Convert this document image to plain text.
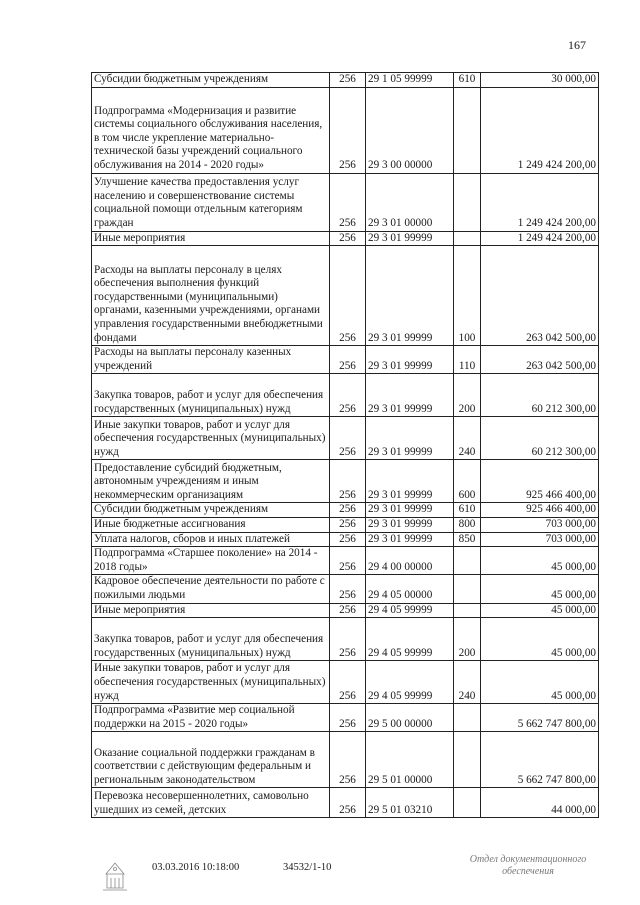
167
Субсидии бюджетным учреждениям	256	29 1 05 99999	610	30 000,00
Подпрограмма «Модернизация и развитие системы социального обслуживания населения, в том числе укрепление материально-технической базы учреждений социального обслуживания на 2014 - 2020 годы»	256	29 3 00 00000		1 249 424 200,00
Улучшение качества предоставления услуг населению и совершенствование системы социальной помощи отдельным категориям граждан	256	29 3 01 00000		1 249 424 200,00
Иные мероприятия	256	29 3 01 99999		1 249 424 200,00
Расходы на выплаты персоналу в целях обеспечения выполнения функций государственными (муниципальными) органами, казенными учреждениями, органами управления государственными внебюджетными фондами	256	29 3 01 99999	100	263 042 500,00
Расходы на выплаты персоналу казенных учреждений	256	29 3 01 99999	110	263 042 500,00
Закупка товаров, работ и услуг для обеспечения государственных (муниципальных) нужд	256	29 3 01 99999	200	60 212 300,00
Иные закупки товаров, работ и услуг для обеспечения государственных (муниципальных) нужд	256	29 3 01 99999	240	60 212 300,00
Предоставление субсидий бюджетным, автономным учреждениям и иным некоммерческим организациям	256	29 3 01 99999	600	925 466 400,00
Субсидии бюджетным учреждениям	256	29 3 01 99999	610	925 466 400,00
Иные бюджетные ассигнования	256	29 3 01 99999	800	703 000,00
Уплата налогов, сборов и иных платежей	256	29 3 01 99999	850	703 000,00
Подпрограмма «Старшее поколение» на 2014 - 2018 годы»	256	29 4 00 00000		45 000,00
Кадровое обеспечение деятельности по работе с пожилыми людьми	256	29 4 05 00000		45 000,00
Иные мероприятия	256	29 4 05 99999		45 000,00
Закупка товаров, работ и услуг для обеспечения государственных (муниципальных) нужд	256	29 4 05 99999	200	45 000,00
Иные закупки товаров, работ и услуг для обеспечения государственных (муниципальных) нужд	256	29 4 05 99999	240	45 000,00
Подпрограмма «Развитие мер социальной поддержки на 2015 - 2020 годы»	256	29 5 00 00000		5 662 747 800,00
Оказание социальной поддержки гражданам в соответствии с действующим федеральным и региональным законодательством	256	29 5 01 00000		5 662 747 800,00
Перевозка несовершеннолетних, самовольно ушедших из семей, детских	256	29 5 01 03210		44 000,00
03.03.2016 10:18:00	34532/1-10
Отдел документационного
обеспечения
